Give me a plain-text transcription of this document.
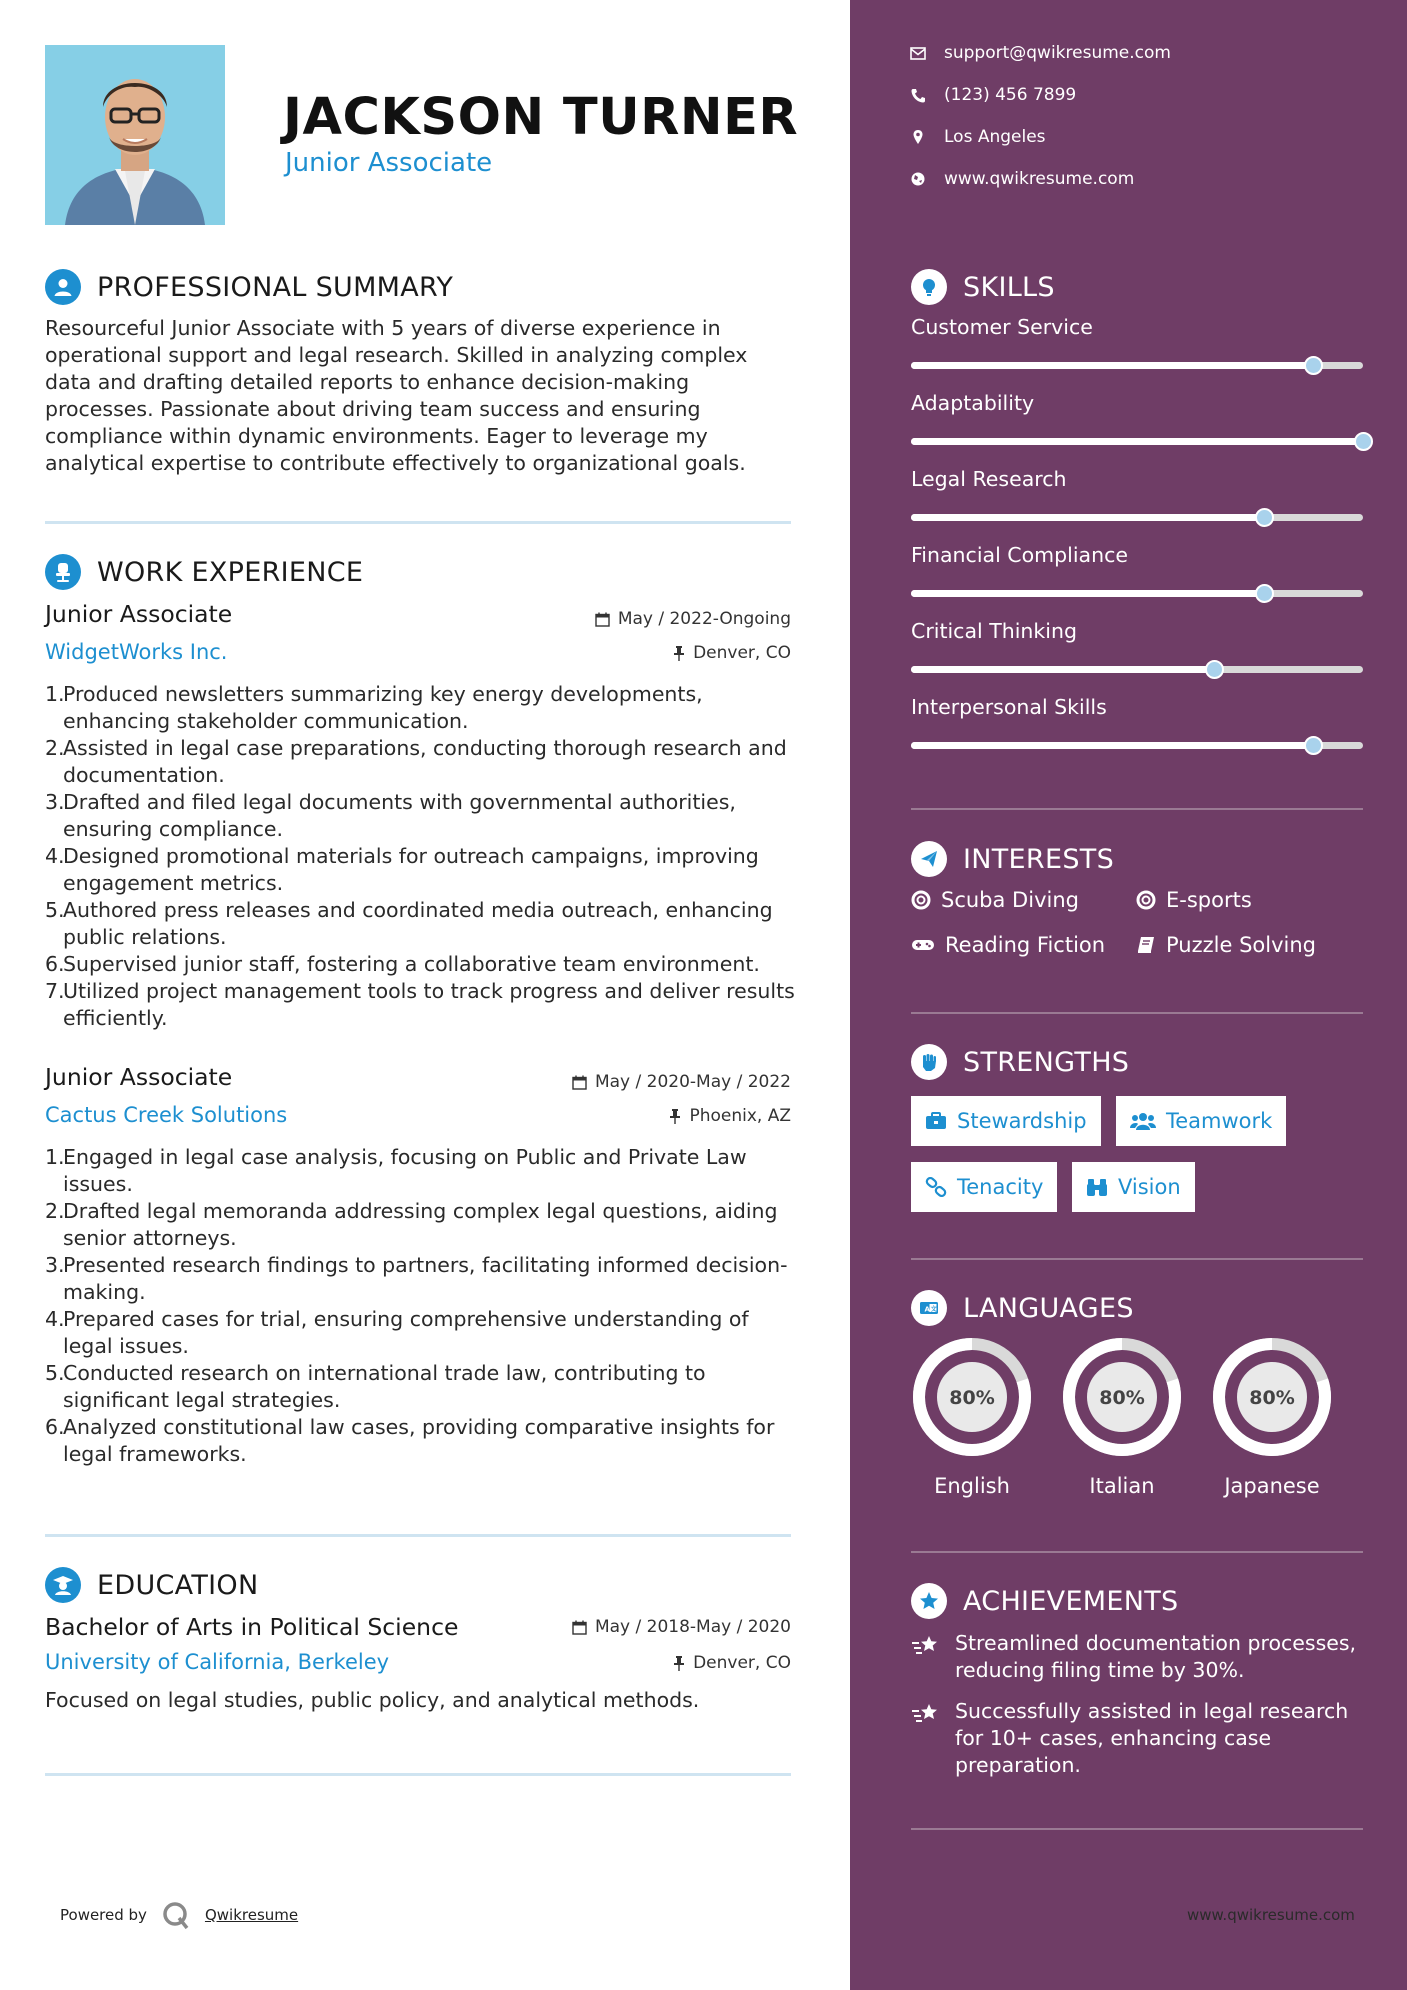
JACKSON TURNER
Junior Associate
PROFESSIONAL SUMMARY
Resourceful Junior Associate with 5 years of diverse experience in operational support and legal research. Skilled in analyzing complex data and drafting detailed reports to enhance decision-making processes. Passionate about driving team success and ensuring compliance within dynamic environments. Eager to leverage my analytical expertise to contribute effectively to organizational goals.
WORK EXPERIENCE
Junior Associate	May / 2022-Ongoing
WidgetWorks Inc.	Denver, CO
1.
Produced newsletters summarizing key energy developments, enhancing stakeholder communication.
2.
Assisted in legal case preparations, conducting thorough research and documentation.
3.
Drafted and filed legal documents with governmental authorities, ensuring compliance.
4.
Designed promotional materials for outreach campaigns, improving engagement metrics.
5.
Authored press releases and coordinated media outreach, enhancing public relations.
6.
Supervised junior staff, fostering a collaborative team environment.
7.
Utilized project management tools to track progress and deliver results efficiently.
Junior Associate	May / 2020-May / 2022
Cactus Creek Solutions	Phoenix, AZ
1.
Engaged in legal case analysis, focusing on Public and Private Law issues.
2.
Drafted legal memoranda addressing complex legal questions, aiding senior attorneys.
3.
Presented research findings to partners, facilitating informed decision-making.
4.
Prepared cases for trial, ensuring comprehensive understanding of legal issues.
5.
Conducted research on international trade law, contributing to significant legal strategies.
6.
Analyzed constitutional law cases, providing comparative insights for legal frameworks.
EDUCATION
Bachelor of Arts in Political Science	May / 2018-May / 2020
University of California, Berkeley	Denver, CO
Focused on legal studies, public policy, and analytical methods.
Powered by	Qwikresume
support@qwikresume.com
(123) 456 7899
Los Angeles
www.qwikresume.com
SKILLS
Customer Service
Adaptability
Legal Research
Financial Compliance
Critical Thinking
Interpersonal Skills
INTERESTS
Scuba Diving	E-sports
Reading Fiction	Puzzle Solving
STRENGTHS
Stewardship	Teamwork
Tenacity	Vision
A 文 LANGUAGES
80%
English
80%
Italian
80%
Japanese
ACHIEVEMENTS
Streamlined documentation processes, reducing filing time by 30%.
Successfully assisted in legal research for 10+ cases, enhancing case preparation.
www.qwikresume.com
